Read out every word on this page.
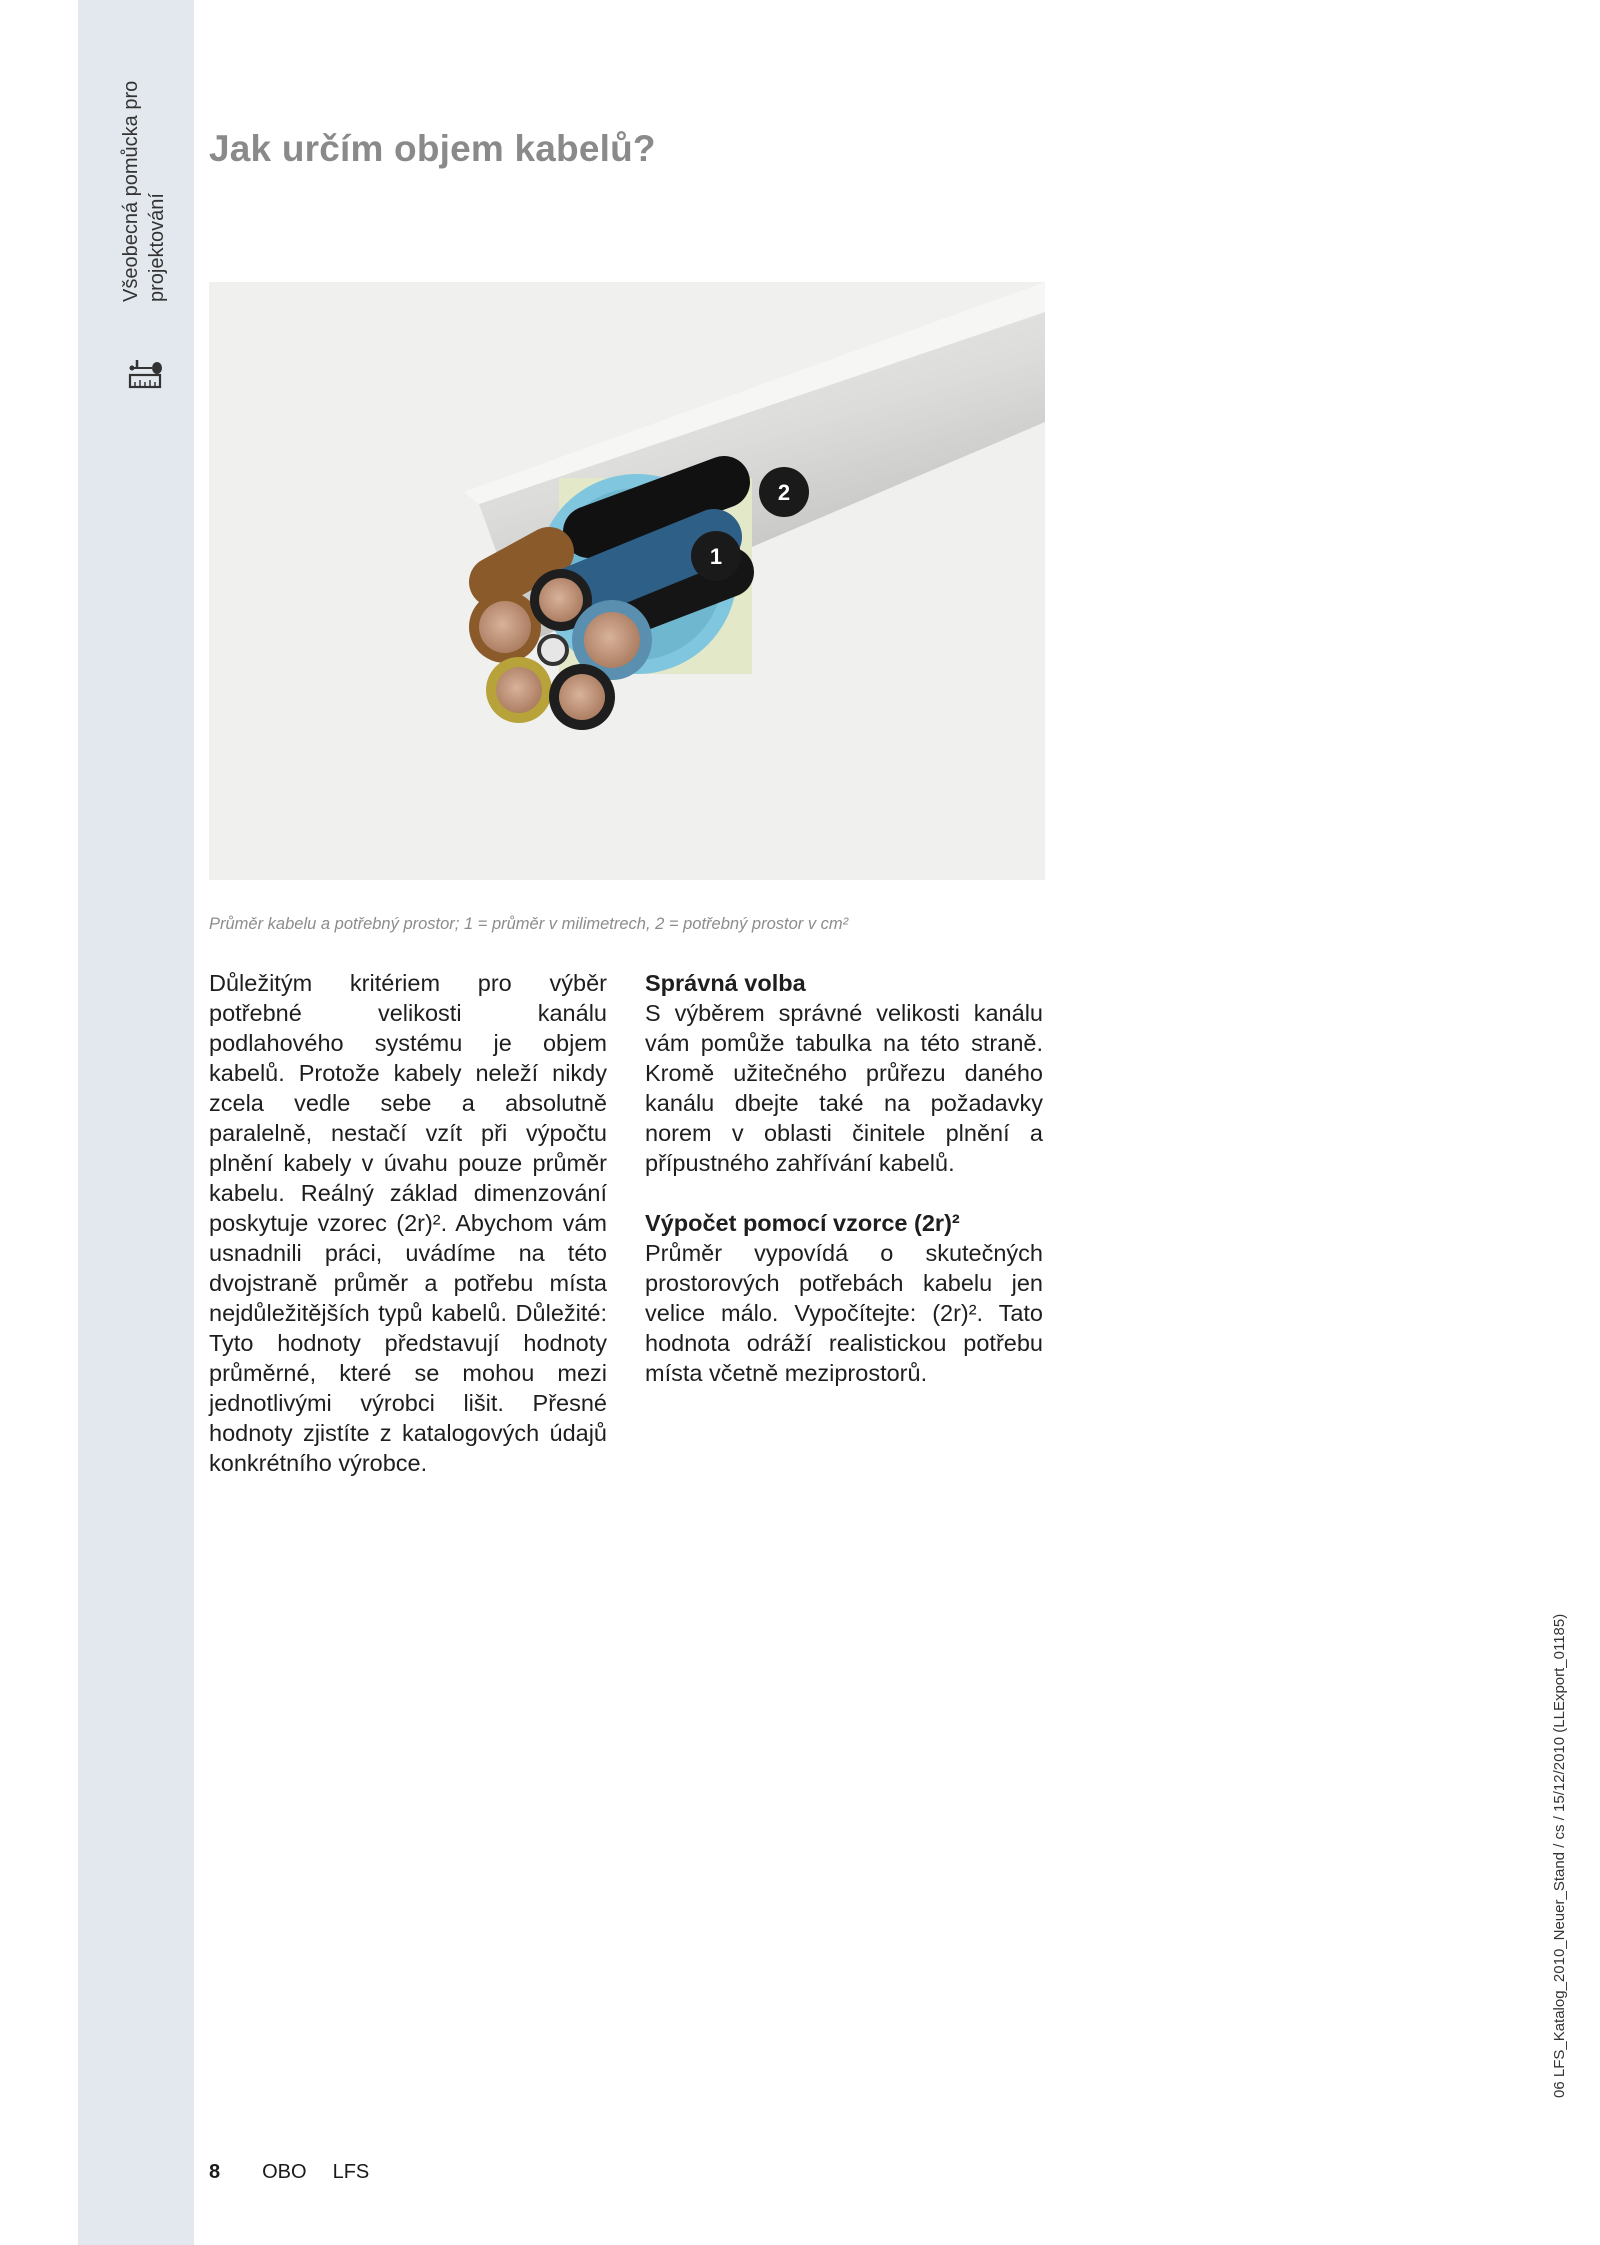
Všeobecná pomůcka pro projektování
Jak určím objem kabelů?
1
2
Průměr kabelu a potřebný prostor; 1 = průměr v milimetrech, 2 = potřebný prostor v cm²

Důležitým kritériem pro výběr potřebné velikosti kanálu podlahového systému je objem kabelů. Protože kabely neleží nikdy zcela vedle sebe a absolutně paralelně, nestačí vzít při výpočtu plnění kabely v úvahu pouze průměr kabelu. Reálný základ dimenzování poskytuje vzorec (2r)². Abychom vám usnadnili práci, uvádíme na této dvojstraně průměr a potřebu místa nejdůležitějších typů kabelů. Důležité: Tyto hodnoty představují hodnoty průměrné, které se mohou mezi jednotlivými výrobci lišit. Přesné hodnoty zjistíte z katalogových údajů konkrétního výrobce.

Správná volba

S výběrem správné velikosti kanálu vám pomůže tabulka na této straně. Kromě užitečného průřezu daného kanálu dbejte také na požadavky norem v oblasti činitele plnění a přípustného zahřívání kabelů.

Výpočet pomocí vzorce (2r)²

Průměr vypovídá o skutečných prostorových potřebách kabelu jen velice málo. Vypočítejte: (2r)². Tato hodnota odráží realistickou potřebu místa včetně meziprostorů.

8 OBO LFS
06 LFS_Katalog_2010_Neuer_Stand / cs / 15/12/2010 (LLExport_01185)
